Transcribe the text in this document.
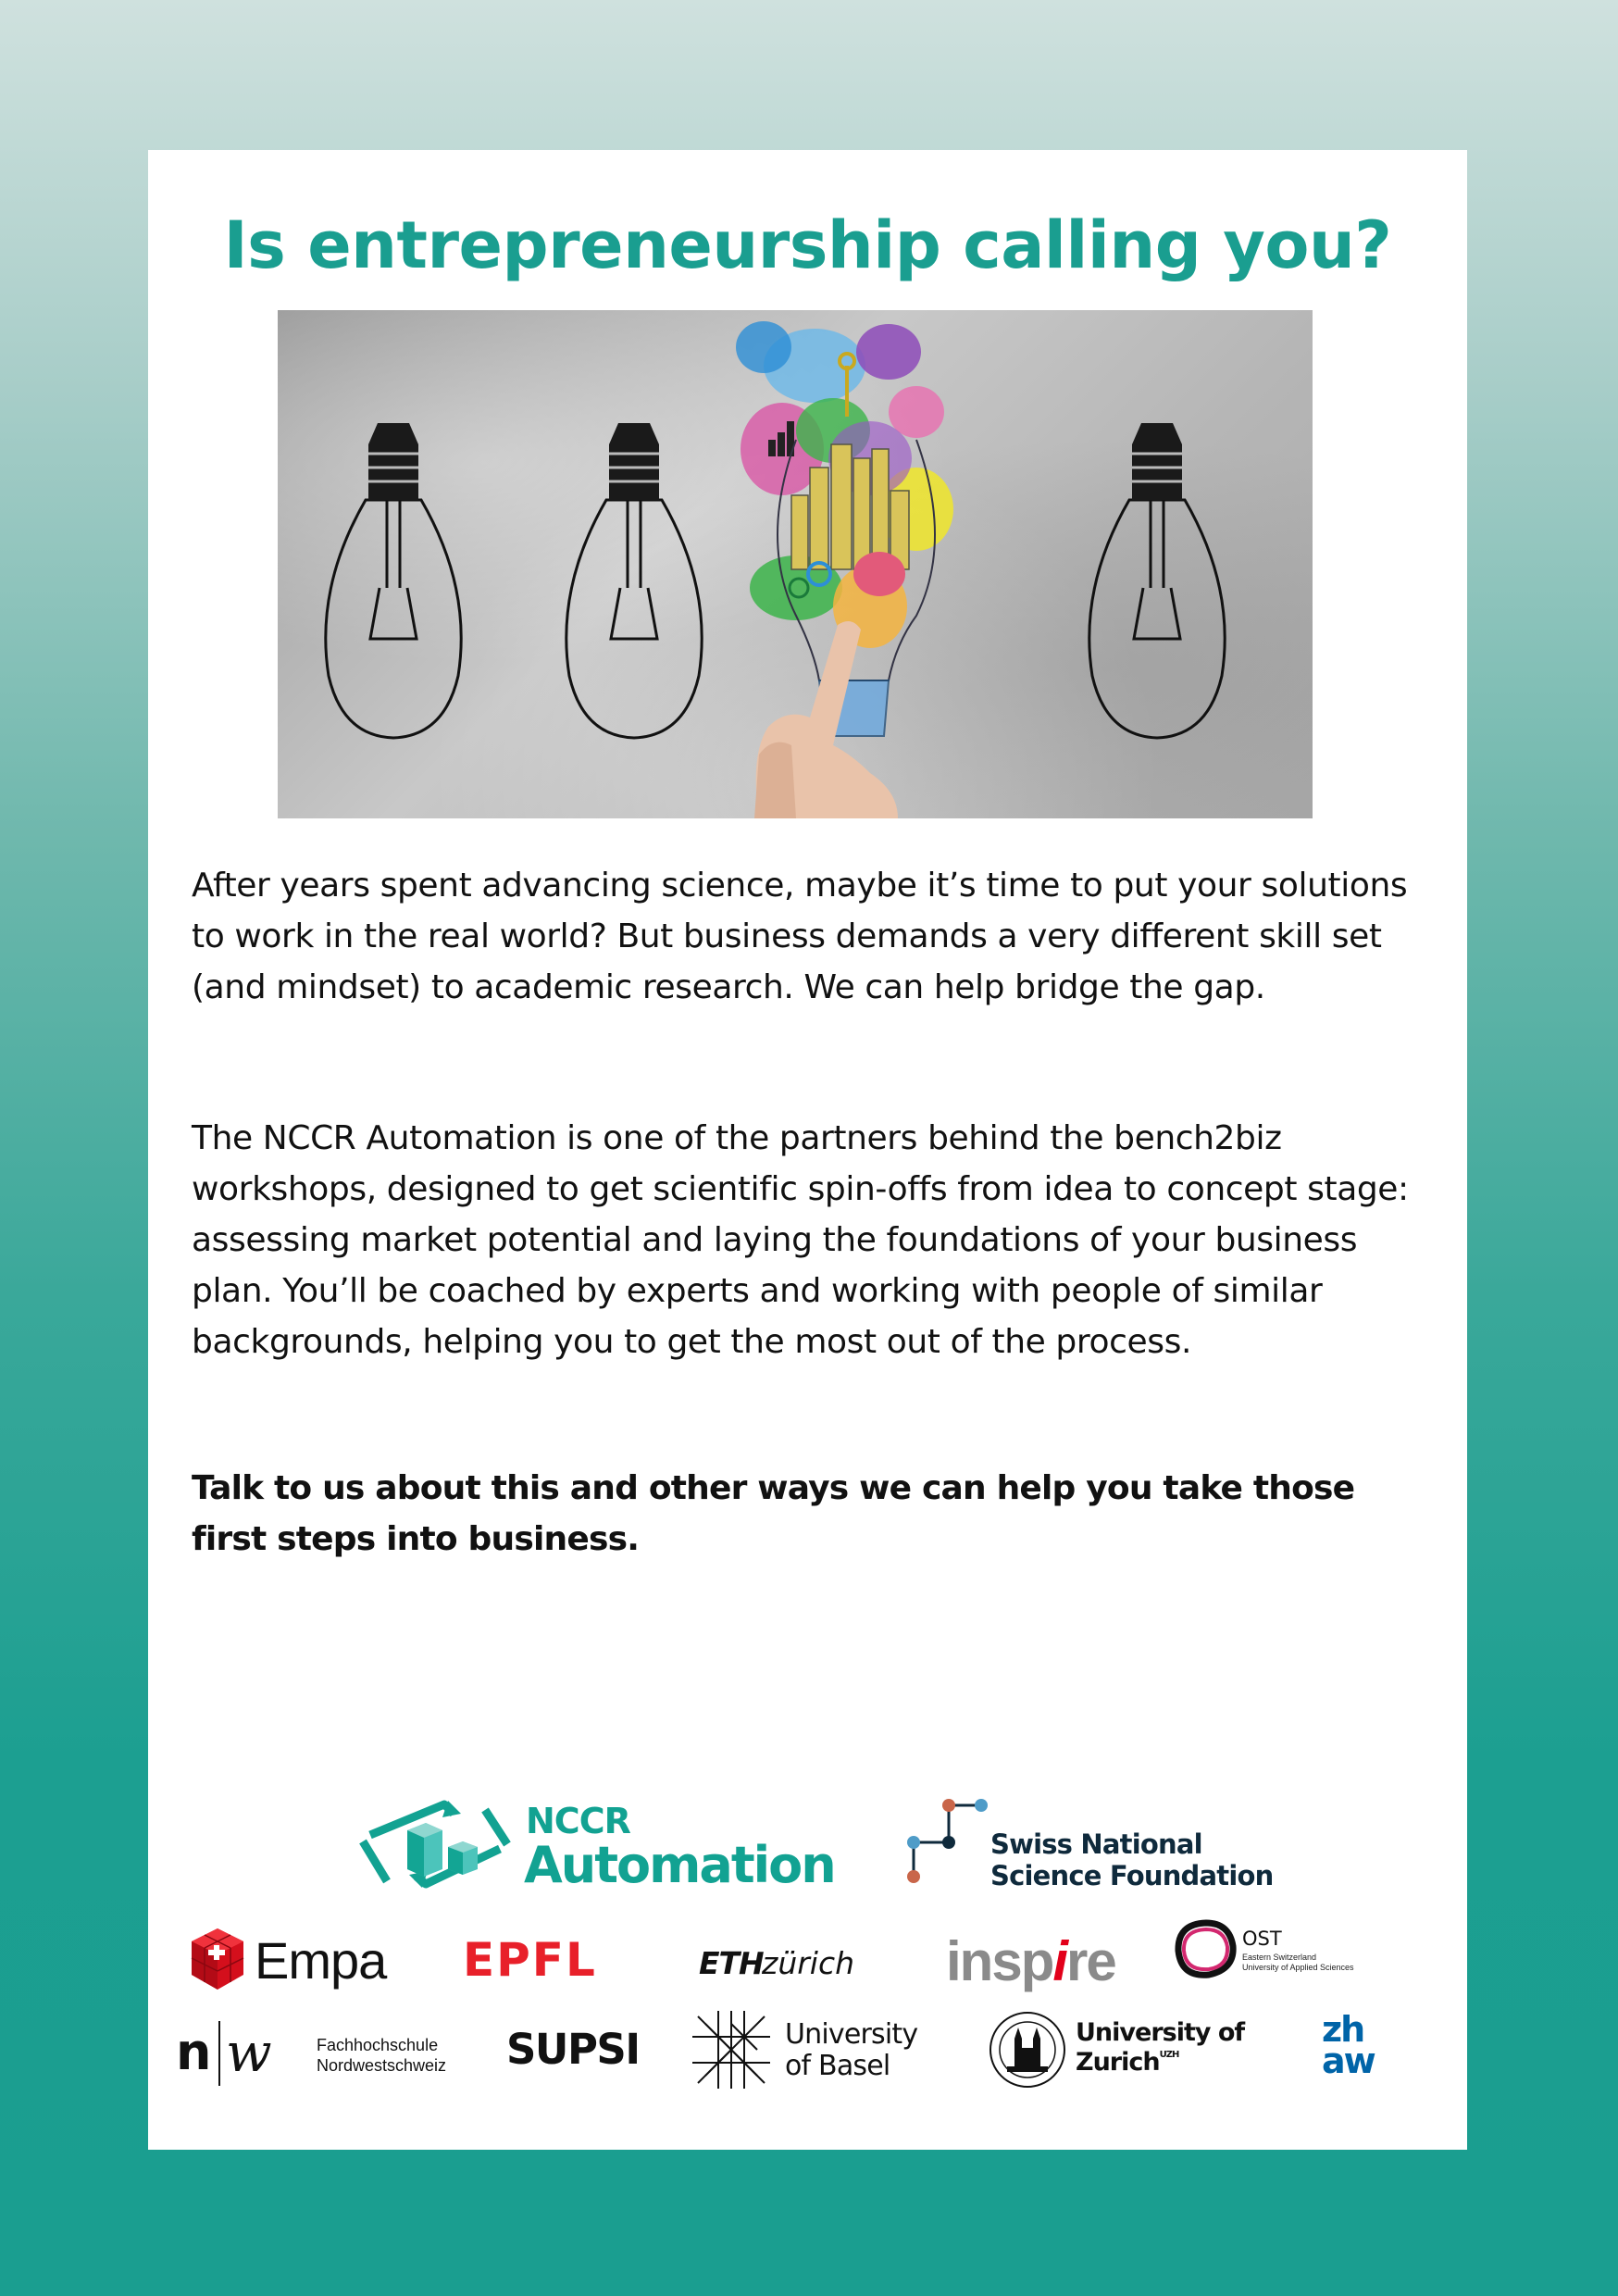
Is entrepreneurship calling you?

After years spent advancing science, maybe it’s time to put your solutions to work in the real world? But business demands a very different skill set (and mindset) to academic research. We can help bridge the gap.

The NCCR Automation is one of the partners behind the bench2biz workshops, designed to get scientific spin-offs from idea to concept stage: assessing market potential and laying the foundations of your business plan. You’ll be coached by experts and working with people of similar backgrounds, helping you to get the most out of the process.

Talk to us about this and other ways we can help you take those first steps into business.

NCCR
Automation	Swiss National
Science Foundation
Empa EPFL	ETH
zürich inspire	OST
Eastern Switzerland
University of Applied Sciences
n w	Fachhochschule
Nordwestschweiz SUPSI	University
of Basel
University of
Zurich$^{UZH}$
zh
aw
